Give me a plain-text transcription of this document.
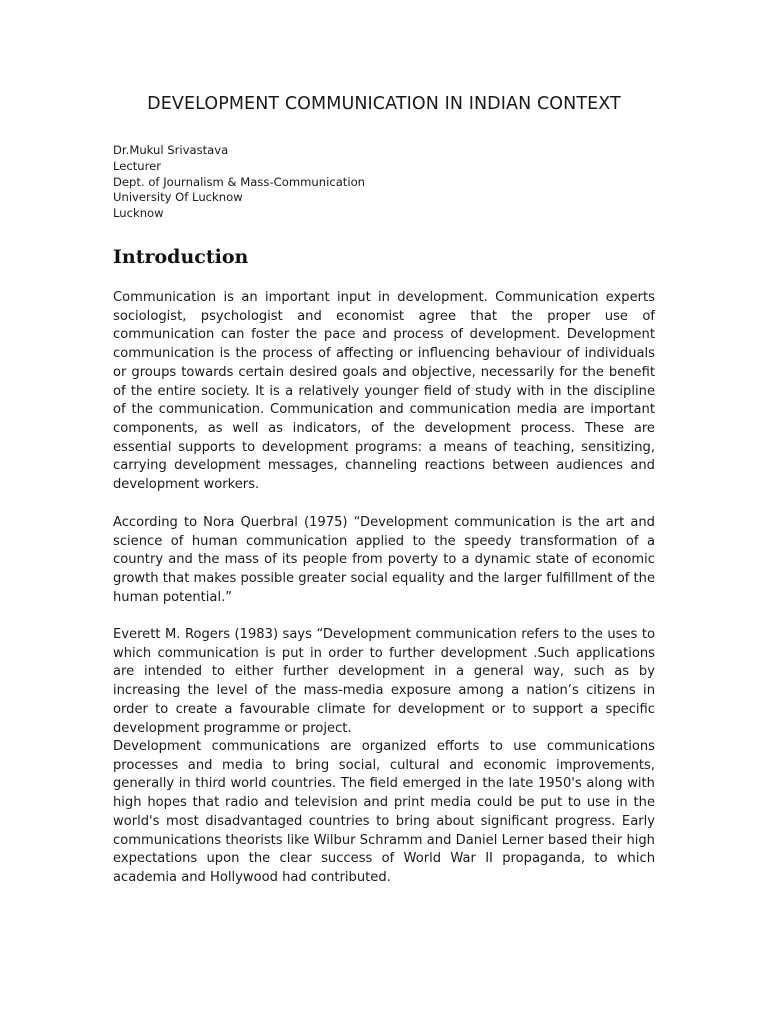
DEVELOPMENT COMMUNICATION IN INDIAN CONTEXT
Dr.Mukul Srivastava
Lecturer
Dept. of Journalism & Mass-Communication
University Of Lucknow
Lucknow
Introduction

Communication is an important input in development. Communication experts sociologist, psychologist and economist agree that the proper use of communication can foster the pace and process of development. Development communication is the process of affecting or influencing behaviour of individuals or groups towards certain desired goals and objective, necessarily for the benefit of the entire society. It is a relatively younger field of study with in the discipline of the communication. Communication and communication media are important components, as well as indicators, of the development process. These are essential supports to development programs: a means of teaching, sensitizing, carrying development messages, channeling reactions between audiences and development workers.

According to Nora Querbral (1975) “Development communication is the art and science of human communication applied to the speedy transformation of a country and the mass of its people from poverty to a dynamic state of economic growth that makes possible greater social equality and the larger fulfillment of the human potential.”

Everett M. Rogers (1983) says “Development communication refers to the uses to which communication is put in order to further development .Such applications are intended to either further development in a general way, such as by increasing the level of the mass-media exposure among a nation’s citizens in order to create a favourable climate for development or to support a specific development programme or project.

Development communications are organized efforts to use communications processes and media to bring social, cultural and economic improvements, generally in third world countries. The field emerged in the late 1950's along with high hopes that radio and television and print media could be put to use in the world's most disadvantaged countries to bring about significant progress. Early communications theorists like Wilbur Schramm and Daniel Lerner based their high expectations upon the clear success of World War II propaganda, to which academia and Hollywood had contributed.
